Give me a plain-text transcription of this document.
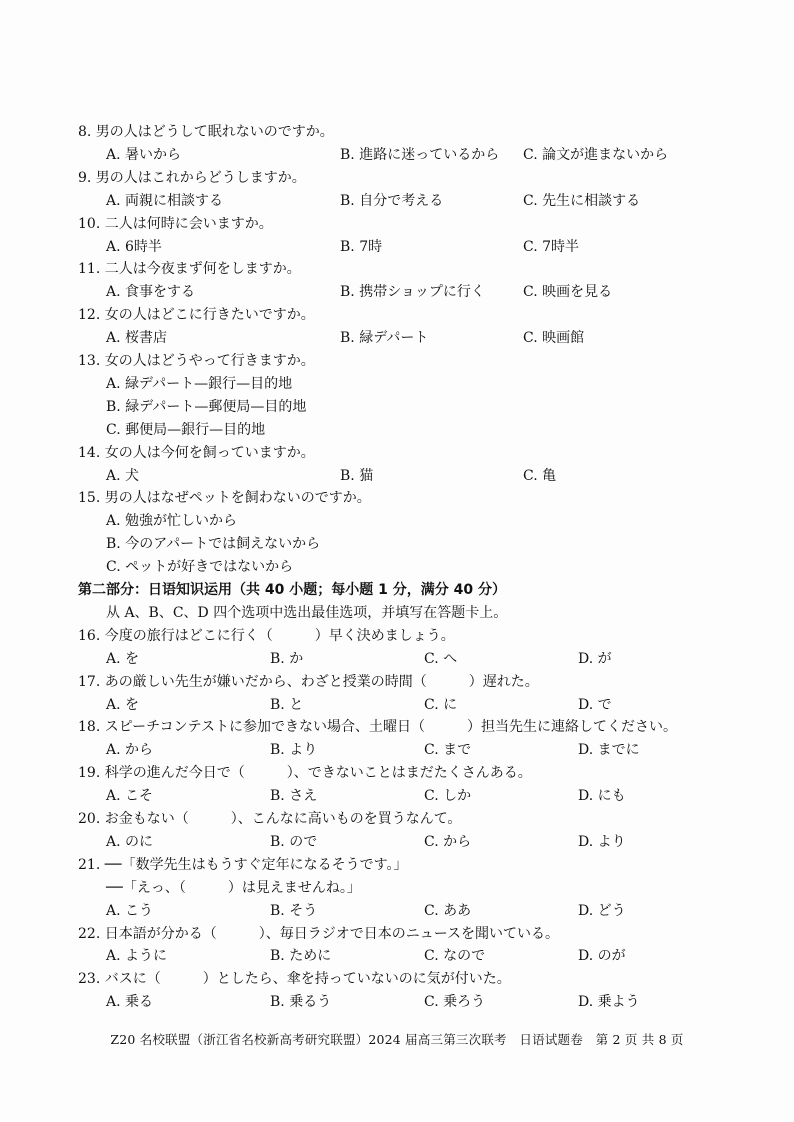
8. 男の人はどうして眠れないのですか。
A. 暑いから	B. 進路に迷っているから C. 論文が進まないから
9. 男の人はこれからどうしますか。
A. 両親に相談する	B. 自分で考える	C. 先生に相談する
10. 二人は何時に会いますか。
A. 6時半	B. 7時	C. 7時半
11. 二人は今夜まず何をしますか。
A. 食事をする	B. 携帯ショップに行く	C. 映画を見る
12. 女の人はどこに行きたいですか。
A. 桜書店	B. 緑デパート	C. 映画館
13. 女の人はどうやって行きますか。
A. 緑デパート—銀行—目的地
B. 緑デパート—郵便局—目的地
C. 郵便局—銀行—目的地
14. 女の人は今何を飼っていますか。
A. 犬	B. 猫	C. 亀
15. 男の人はなぜペットを飼わないのですか。
A. 勉強が忙しいから
B. 今のアパートでは飼えないから
C. ペットが好きではないから
第二部分：日语知识运用（共 40 小题；每小题 1 分，满分 40 分）
从 A、B、C、D 四个选项中选出最佳选项，并填写在答题卡上。
16. 今度の旅行はどこに行く（　　　）早く決めましょう。
A. を	B. か	C. へ	D. が
17. あの厳しい先生が嫌いだから、わざと授業の時間（　　　）遅れた。
A. を	B. と	C. に	D. で
18. スピーチコンテストに参加できない場合、土曜日（　　　）担当先生に連絡してください。
A. から	B. より	C. まで	D. までに
19. 科学の進んだ今日で（　　　）、できないことはまだたくさんある。
A. こそ	B. さえ	C. しか	D. にも
20. お金もない（　　　）、こんなに高いものを買うなんて。
A. のに	B. ので	C. から	D. より
21. ──「数学先生はもうすぐ定年になるそうです。」
──「えっ、（　　　）は見えませんね。」
A. こう	B. そう	C. ああ	D. どう
22. 日本語が分かる（　　　）、毎日ラジオで日本のニュースを聞いている。
A. ように	B. ために	C. なので	D. のが
23. バスに（　　　）としたら、傘を持っていないのに気が付いた。
A. 乗る	B. 乗るう	C. 乗ろう	D. 乗よう
Z20 名校联盟（浙江省名校新高考研究联盟）2024 届高三第三次联考　日语试题卷　第 2 页 共 8 页
